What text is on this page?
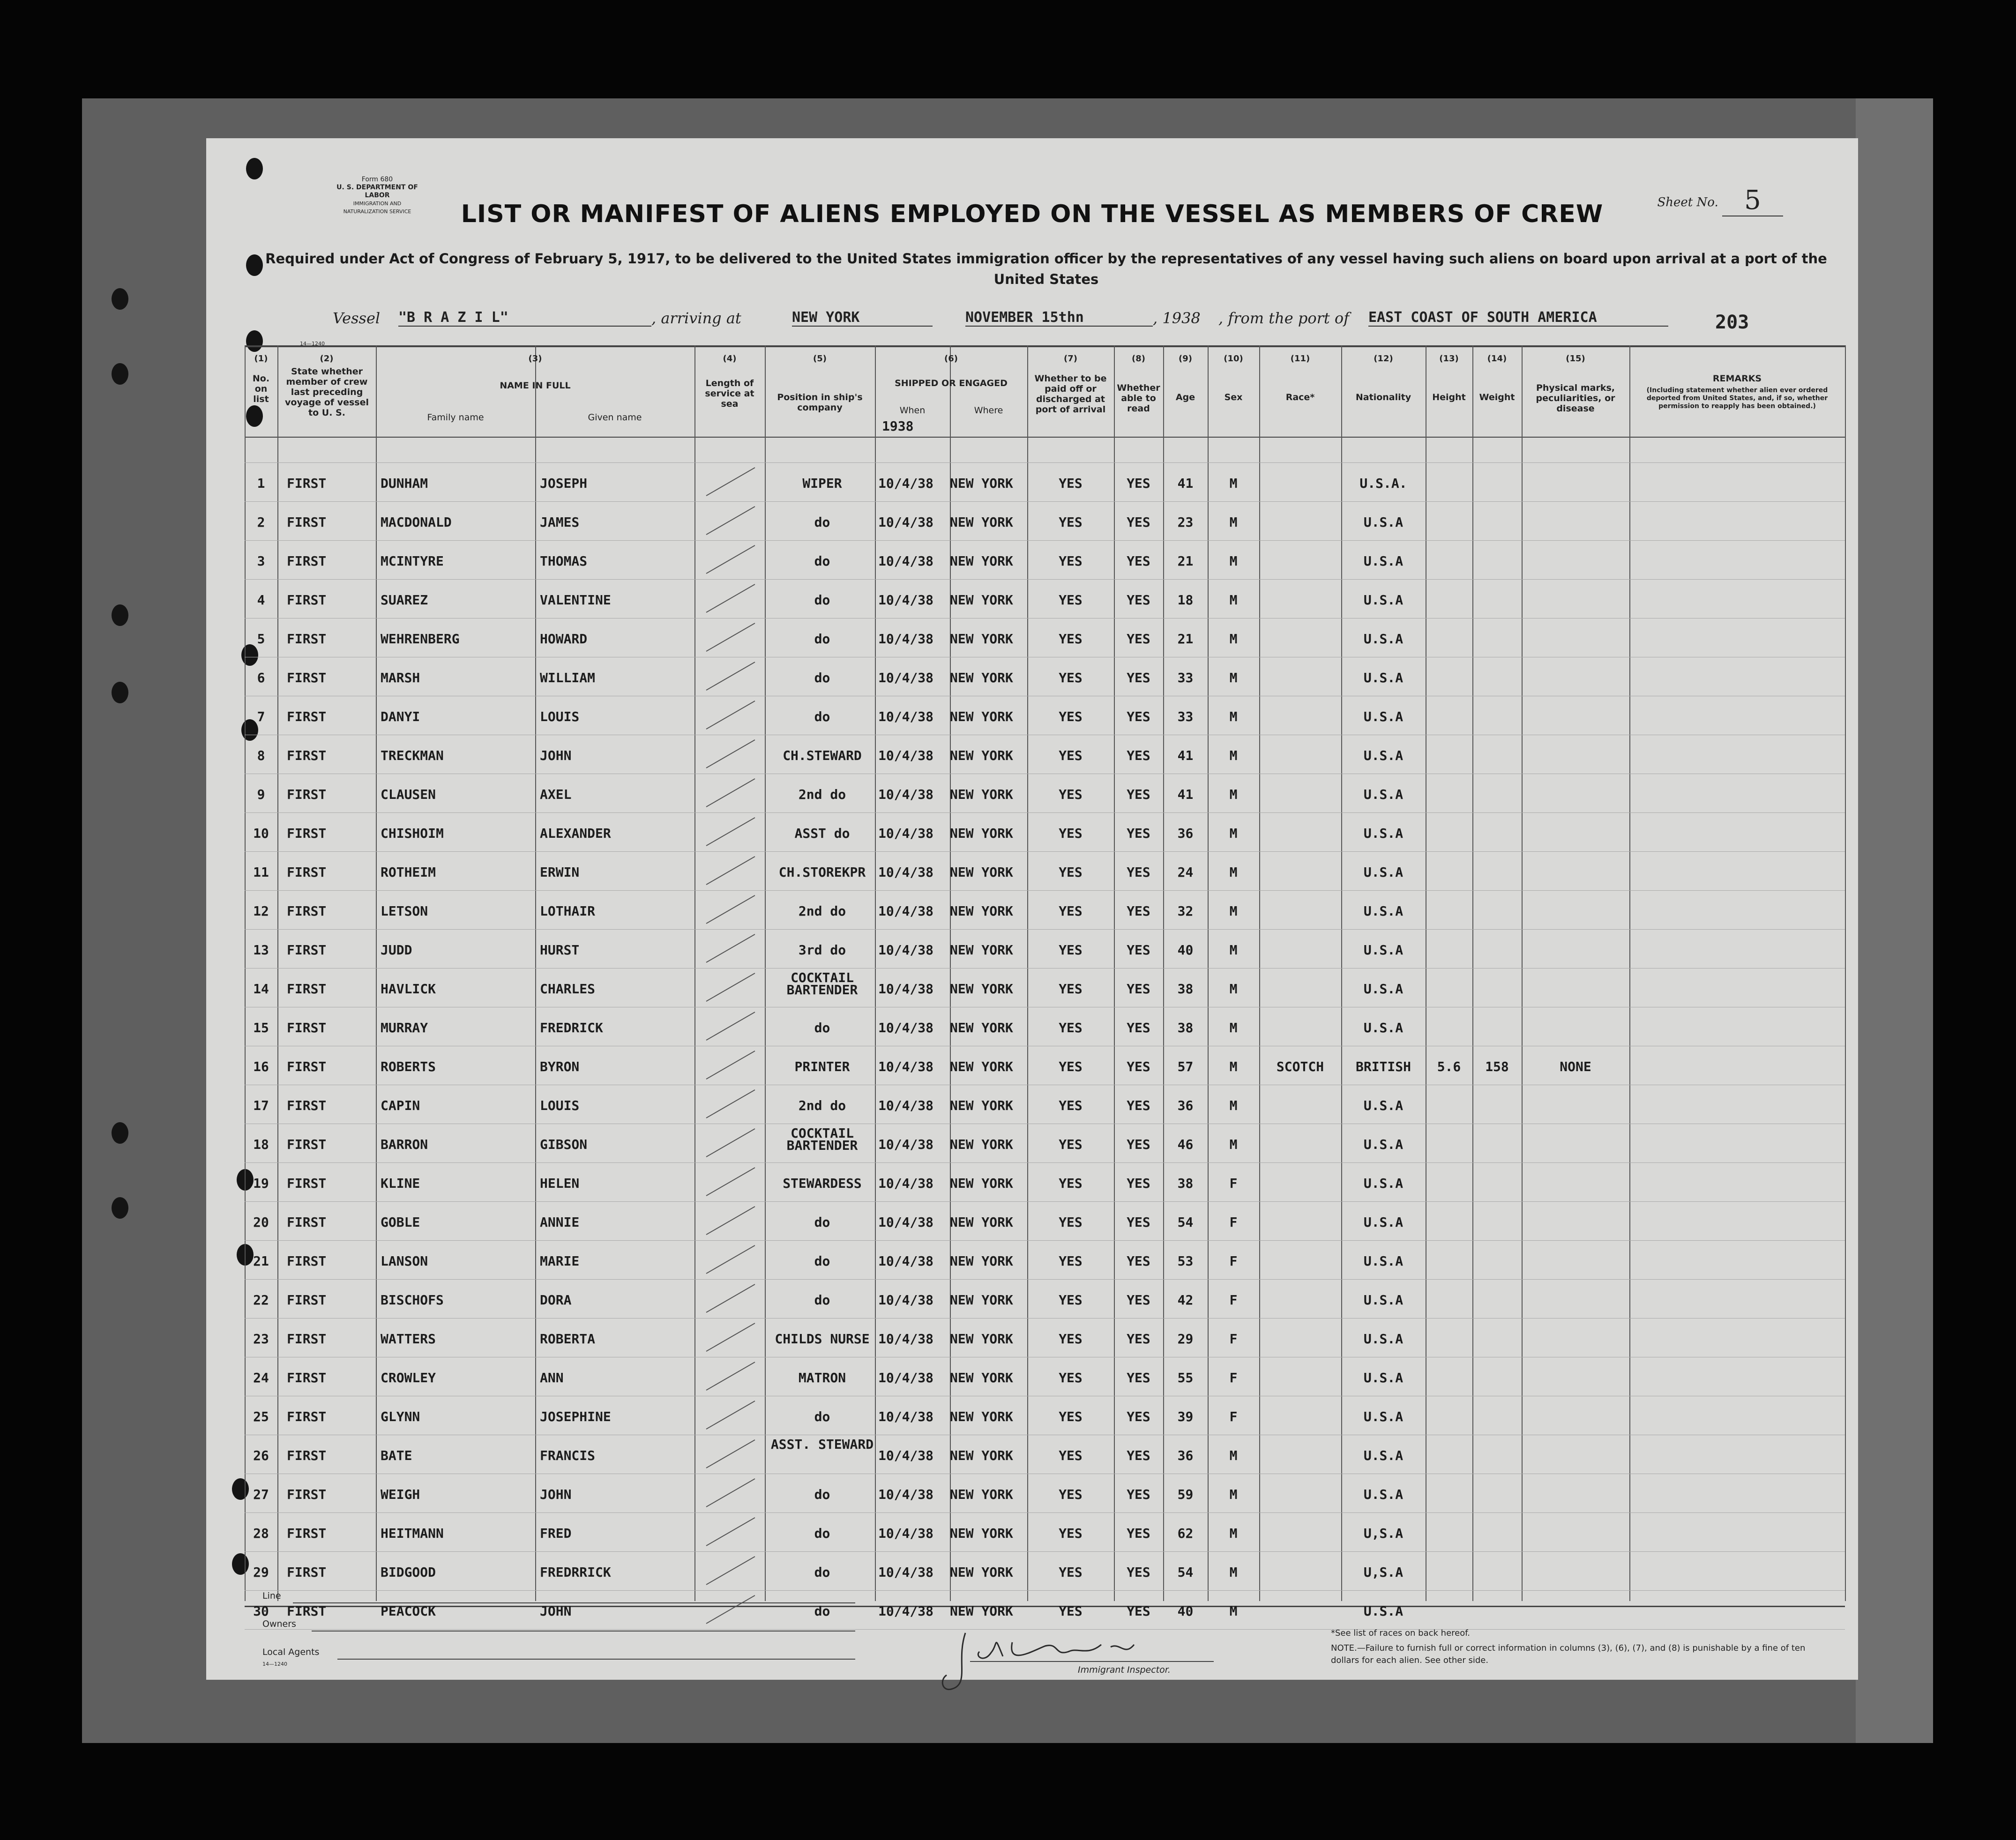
Form 680
U. S. DEPARTMENT OF LABOR
IMMIGRATION AND NATURALIZATION SERVICE
Sheet No. 5
LIST OR MANIFEST OF ALIENS EMPLOYED ON THE VESSEL AS MEMBERS OF CREW
Required under Act of Congress of February 5, 1917, to be delivered to the United States immigration officer by the representatives of any vessel having such aliens on board upon arrival at a port of the United States
Vessel "B R A Z I L"	, arriving at	NEW YORK	NOVEMBER 15thn	, 1938 , from the port of EAST COAST OF SOUTH AMERICA	203
14—1240
(1)
No. on list
(2)
State whether member of crew last preceding voyage of vessel to U. S.
(3)
NAME IN FULL
Family name	Given name
(4)
Length of service at sea
(5)
Position in ship's company
(6)
SHIPPED OR ENGAGED
When	Where
1938
(7)
Whether to be paid off or discharged at port of arrival
(8)
Whether able to read
(9)
Age
(10)
Sex
(11)
Race*
(12)
Nationality
(13)
Height
(14)
Weight
(15)
Physical marks, peculiarities, or disease
REMARKS
(Including statement whether alien ever ordered deported from United States, and, if so, whether permission to reapply has been obtained.)
1	FIRST	DUNHAM	JOSEPH	WIPER	10/4/38 NEW YORK	YES	YES	41	M	U.S.A.
2	FIRST	MACDONALD	JAMES	do	10/4/38 NEW YORK	YES	YES	23	M	U.S.A
3	FIRST	MCINTYRE	THOMAS	do	10/4/38 NEW YORK	YES	YES	21	M	U.S.A
4	FIRST	SUAREZ	VALENTINE	do	10/4/38 NEW YORK	YES	YES	18	M	U.S.A
5	FIRST	WEHRENBERG	HOWARD	do	10/4/38 NEW YORK	YES	YES	21	M	U.S.A
6	FIRST	MARSH	WILLIAM	do	10/4/38 NEW YORK	YES	YES	33	M	U.S.A
7	FIRST	DANYI	LOUIS	do	10/4/38 NEW YORK	YES	YES	33	M	U.S.A
8	FIRST	TRECKMAN	JOHN	CH.STEWARD	10/4/38 NEW YORK	YES	YES	41	M	U.S.A
9	FIRST	CLAUSEN	AXEL	2nd do	10/4/38 NEW YORK	YES	YES	41	M	U.S.A
10	FIRST	CHISHOIM	ALEXANDER	ASST do	10/4/38 NEW YORK	YES	YES	36	M	U.S.A
11	FIRST	ROTHEIM	ERWIN	CH.STOREKPR 10/4/38 NEW YORK	YES	YES	24	M	U.S.A
12	FIRST	LETSON	LOTHAIR	2nd do	10/4/38 NEW YORK	YES	YES	32	M	U.S.A
13	FIRST	JUDD	HURST	3rd do	10/4/38 NEW YORK	YES	YES	40	M	U.S.A
14	FIRST	HAVLICK	CHARLES
COCKTAIL BARTENDER	10/4/38 NEW YORK	YES	YES	38	M	U.S.A
15	FIRST	MURRAY	FREDRICK	do	10/4/38 NEW YORK	YES	YES	38	M	U.S.A
16	FIRST	ROBERTS	BYRON	PRINTER	10/4/38 NEW YORK	YES	YES	57	M	SCOTCH	BRITISH	5.6	158	NONE
17	FIRST	CAPIN	LOUIS	2nd do	10/4/38 NEW YORK	YES	YES	36	M	U.S.A
18	FIRST	BARRON	GIBSON
COCKTAIL BARTENDER	10/4/38 NEW YORK	YES	YES	46	M	U.S.A
19	FIRST	KLINE	HELEN	STEWARDESS	10/4/38 NEW YORK	YES	YES	38	F	U.S.A
20	FIRST	GOBLE	ANNIE	do	10/4/38 NEW YORK	YES	YES	54	F	U.S.A
21	FIRST	LANSON	MARIE	do	10/4/38 NEW YORK	YES	YES	53	F	U.S.A
22	FIRST	BISCHOFS	DORA	do	10/4/38 NEW YORK	YES	YES	42	F	U.S.A
23	FIRST	WATTERS	ROBERTA	CHILDS NURSE 10/4/38 NEW YORK	YES	YES	29	F	U.S.A
24	FIRST	CROWLEY	ANN	MATRON	10/4/38 NEW YORK	YES	YES	55	F	U.S.A
25	FIRST	GLYNN	JOSEPHINE	do	10/4/38 NEW YORK	YES	YES	39	F	U.S.A
26	FIRST	BATE	FRANCIS
ASST. STEWARD
10/4/38 NEW YORK	YES	YES	36	M	U.S.A
27	FIRST	WEIGH	JOHN	do	10/4/38 NEW YORK	YES	YES	59	M	U.S.A
28	FIRST	HEITMANN	FRED	do	10/4/38 NEW YORK	YES	YES	62	M	U,S.A
29	FIRST	BIDGOOD	FREDRRICK	do	10/4/38 NEW YORK	YES	YES	54	M	U,S.A
30	FIRST	PEACOCK	JOHN	do	10/4/38 NEW YORK	YES	YES	40	M	U.S.A
Line
Owners
Local Agents
14—1240
Immigrant Inspector.
*See list of races on back hereof.
NOTE.—Failure to furnish full or correct information in columns (3), (6), (7), and (8) is punishable by a fine of ten dollars for each alien. See other side.
